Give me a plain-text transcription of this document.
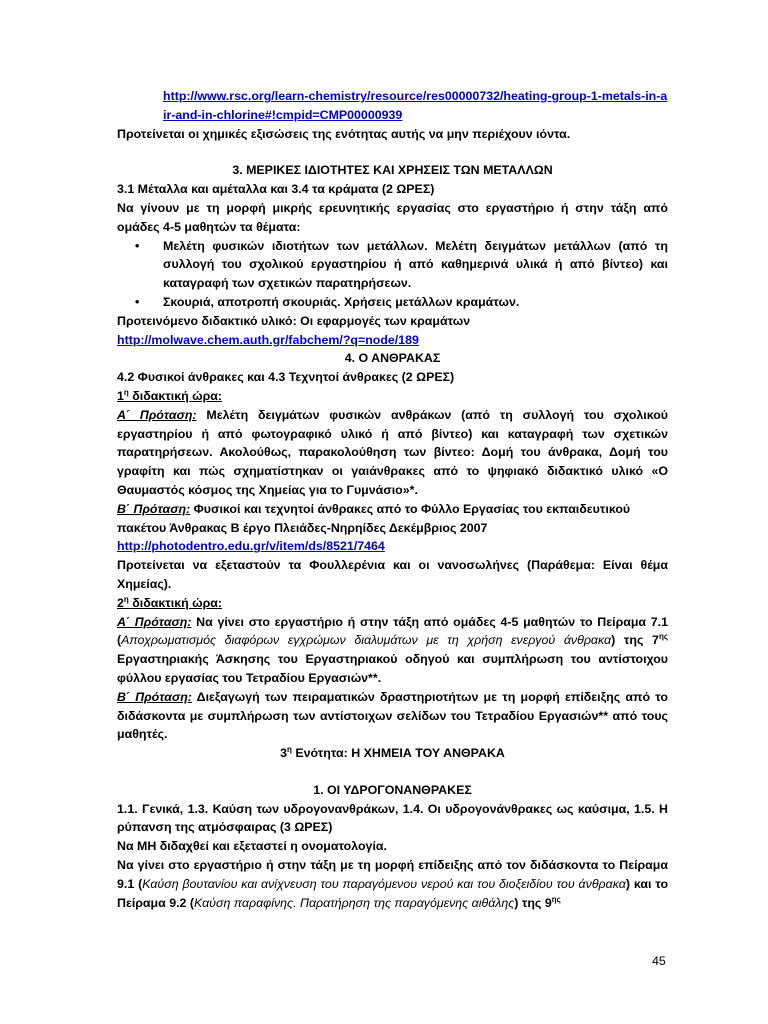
http://www.rsc.org/learn-chemistry/resource/res00000732/heating-group-1-metals-in-air-and-in-chlorine#!cmpid=CMP00000939

Προτείνεται οι χημικές εξισώσεις της ενότητας αυτής να μην περιέχουν ιόντα.

3. ΜΕΡΙΚΕΣ ΙΔΙΟΤΗΤΕΣ ΚΑΙ ΧΡΗΣΕΙΣ ΤΩΝ ΜΕΤΑΛΛΩΝ

3.1 Μέταλλα και αμέταλλα και 3.4 τα κράματα (2 ΩΡΕΣ)

Να γίνουν με τη μορφή μικρής ερευνητικής εργασίας στο εργαστήριο ή στην τάξη από ομάδες 4-5 μαθητών τα θέματα:

• Μελέτη φυσικών ιδιοτήτων των μετάλλων. Μελέτη δειγμάτων μετάλλων (από τη συλλογή του σχολικού εργαστηρίου ή από καθημερινά υλικά ή από βίντεο) και καταγραφή των σχετικών παρατηρήσεων.
• Σκουριά, αποτροπή σκουριάς. Χρήσεις μετάλλων κραμάτων.

Προτεινόμενο διδακτικό υλικό: Οι εφαρμογές των κραμάτων

http://molwave.chem.auth.gr/fabchem/?q=node/189

4. Ο ΑΝΘΡΑΚΑΣ

4.2 Φυσικοί άνθρακες και 4.3 Τεχνητοί άνθρακες (2 ΩΡΕΣ)

$1^\eta$ διδακτική ώρα:

Α΄ Πρόταση: Μελέτη δειγμάτων φυσικών ανθράκων (από τη συλλογή του σχολικού εργαστηρίου ή από φωτογραφικό υλικό ή από βίντεο) και καταγραφή των σχετικών παρατηρήσεων. Ακολούθως, παρακολούθηση των βίντεο: Δομή του άνθρακα, Δομή του γραφίτη και πώς σχηματίστηκαν οι γαιάνθρακες από το ψηφιακό διδακτικό υλικό «Ο Θαυμαστός κόσμος της Χημείας για το Γυμνάσιο»*.

Β΄ Πρόταση: Φυσικοί και τεχνητοί άνθρακες από το Φύλλο Εργασίας του εκπαιδευτικού πακέτου Άνθρακας Β έργο Πλειάδες-Νηρηίδες Δεκέμβριος 2007

http://photodentro.edu.gr/v/item/ds/8521/7464

Προτείνεται να εξεταστούν τα Φουλλερένια και οι νανοσωλήνες (Παράθεμα: Είναι θέμα Χημείας).

$2^\eta$ διδακτική ώρα:

Α΄ Πρόταση: Να γίνει στο εργαστήριο ή στην τάξη από ομάδες 4-5 μαθητών το Πείραμα 7.1 (Αποχρωματισμός διαφόρων εγχρώμων διαλυμάτων με τη χρήση ενεργού άνθρακα) της $7^{\eta\varsigma}$ Εργαστηριακής Άσκησης του Εργαστηριακού οδηγού και συμπλήρωση του αντίστοιχου φύλλου εργασίας του Τετραδίου Εργασιών**.

Β΄ Πρόταση: Διεξαγωγή των πειραματικών δραστηριοτήτων με τη μορφή επίδειξης από το διδάσκοντα με συμπλήρωση των αντίστοιχων σελίδων του Τετραδίου Εργασιών** από τους μαθητές.

$3^\eta$ Ενότητα: Η ΧΗΜΕΙΑ ΤΟΥ ΑΝΘΡΑΚΑ

1. ΟΙ ΥΔΡΟΓΟΝΑΝΘΡΑΚΕΣ

1.1. Γενικά, 1.3. Καύση των υδρογονανθράκων, 1.4. Οι υδρογονάνθρακες ως καύσιμα, 1.5. Η ρύπανση της ατμόσφαιρας (3 ΩΡΕΣ)

Να ΜΗ διδαχθεί και εξεταστεί η ονοματολογία.

Να γίνει στο εργαστήριο ή στην τάξη με τη μορφή επίδειξης από τον διδάσκοντα το Πείραμα 9.1 (Καύση βουτανίου και ανίχνευση του παραγόμενου νερού και του διοξειδίου του άνθρακα) και το Πείραμα 9.2 (Καύση παραφίνης. Παρατήρηση της παραγόμενης αιθάλης) της $9^{\eta\varsigma}$

45
